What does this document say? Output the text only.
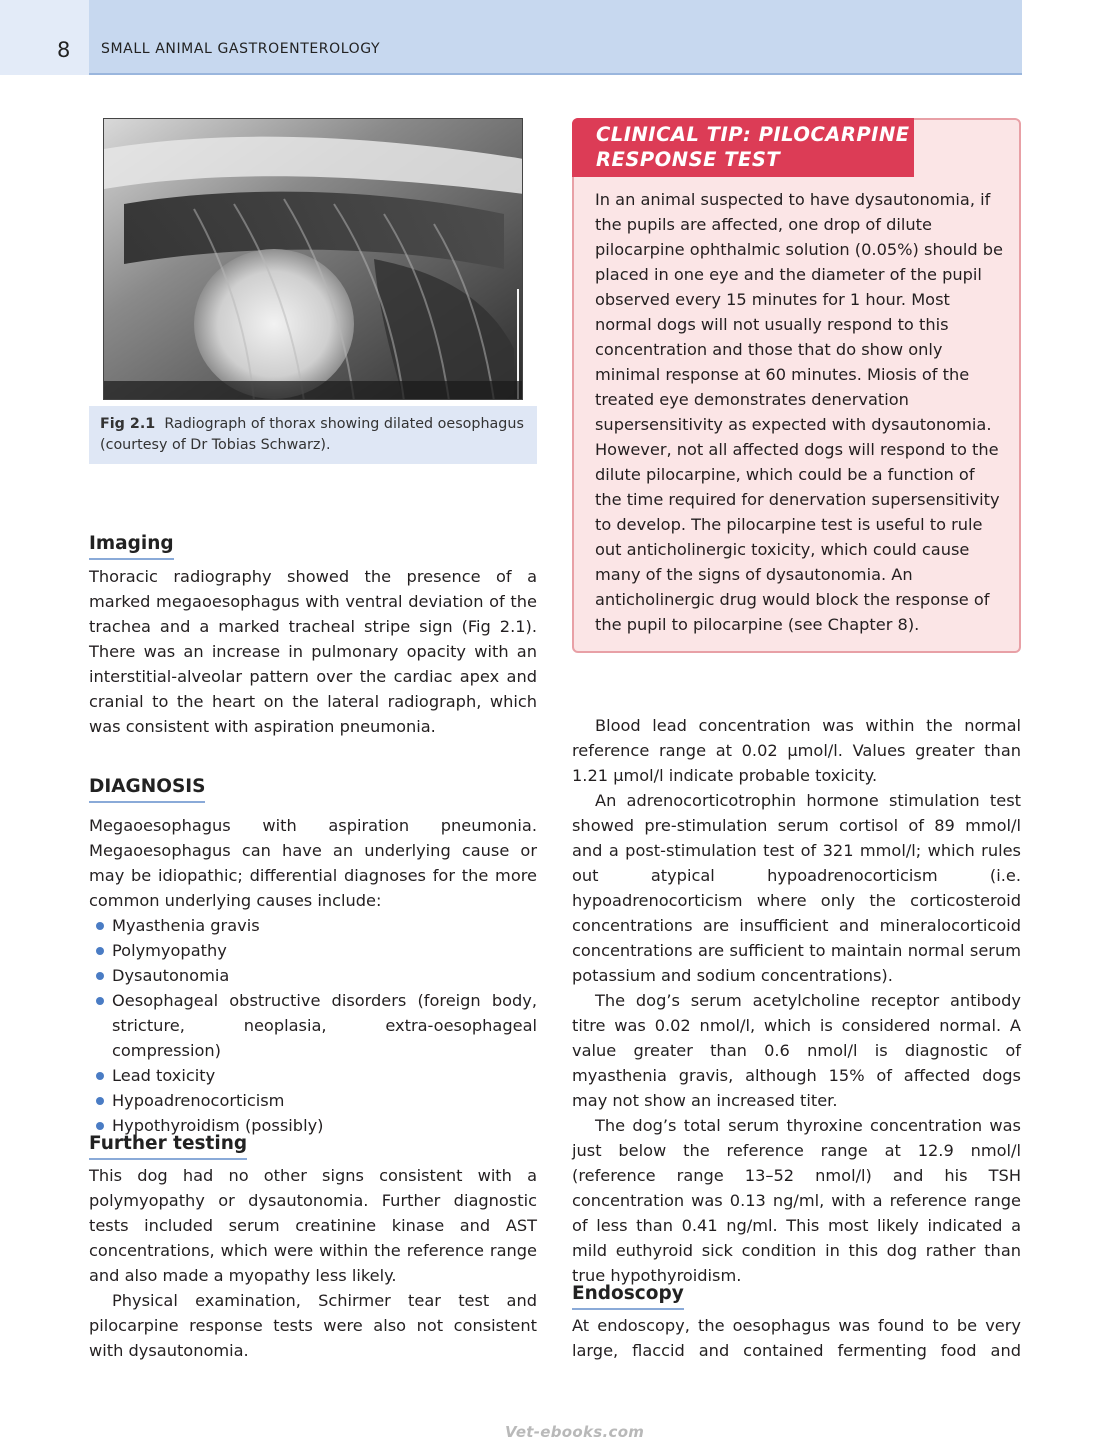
8 SMALL ANIMAL GASTROENTEROLOGY
Fig 2.1 Radiograph of thorax showing dilated oesophagus (courtesy of Dr Tobias Schwarz).
Imaging
Thoracic radiography showed the presence of a marked megaoesophagus with ventral deviation of the trachea and a marked tracheal stripe sign (Fig 2.1). There was an increase in pulmonary opacity with an interstitial-alveolar pattern over the cardiac apex and cranial to the heart on the lateral radiograph, which was consistent with aspiration pneumonia.
DIAGNOSIS
Megaoesophagus with aspiration pneumonia. Megaoesophagus can have an underlying cause or may be idiopathic; differential diagnoses for the more common underlying causes include:
Myasthenia gravis
Polymyopathy
Dysautonomia
Oesophageal obstructive disorders (foreign body, stricture, neoplasia, extra-oesophageal compression)
Lead toxicity
Hypoadrenocorticism
Hypothyroidism (possibly)
Further testing
This dog had no other signs consistent with a polymyopathy or dysautonomia. Further diagnostic tests included serum creatinine kinase and AST concentrations, which were within the reference range and also made a myopathy less likely.
Physical examination, Schirmer tear test and pilocarpine response tests were also not consistent with dysautonomia.
CLINICAL TIP: PILOCARPINE
RESPONSE TEST
In an animal suspected to have dysautonomia, if the pupils are affected, one drop of dilute pilocarpine ophthalmic solution (0.05%) should be placed in one eye and the diameter of the pupil observed every 15 minutes for 1 hour. Most normal dogs will not usually respond to this concentration and those that do show only minimal response at 60 minutes. Miosis of the treated eye demonstrates denervation supersensitivity as expected with dysautonomia. However, not all affected dogs will respond to the dilute pilocarpine, which could be a function of the time required for denervation supersensitivity to develop. The pilocarpine test is useful to rule out anticholinergic toxicity, which could cause many of the signs of dysautonomia. An anticholinergic drug would block the response of the pupil to pilocarpine (see Chapter 8).
Blood lead concentration was within the normal reference range at 0.02 μmol/l. Values greater than 1.21 μmol/l indicate probable toxicity.
An adrenocorticotrophin hormone stimulation test showed pre-stimulation serum cortisol of 89 mmol/l and a post-stimulation test of 321 mmol/l; which rules out atypical hypoadrenocorticism (i.e. hypoadrenocorticism where only the corticosteroid concentrations are insufficient and mineralocorticoid concentrations are sufficient to maintain normal serum potassium and sodium concentrations).
The dog’s serum acetylcholine receptor antibody titre was 0.02 nmol/l, which is considered normal. A value greater than 0.6 nmol/l is diagnostic of myasthenia gravis, although 15% of affected dogs may not show an increased titer.
The dog’s total serum thyroxine concentration was just below the reference range at 12.9 nmol/l (reference range 13–52 nmol/l) and his TSH concentration was 0.13 ng/ml, with a reference range of less than 0.41 ng/ml. This most likely indicated a mild euthyroid sick condition in this dog rather than true hypothyroidism.
Endoscopy
At endoscopy, the oesophagus was found to be very large, flaccid and contained fermenting food and
Vet-ebooks.com
